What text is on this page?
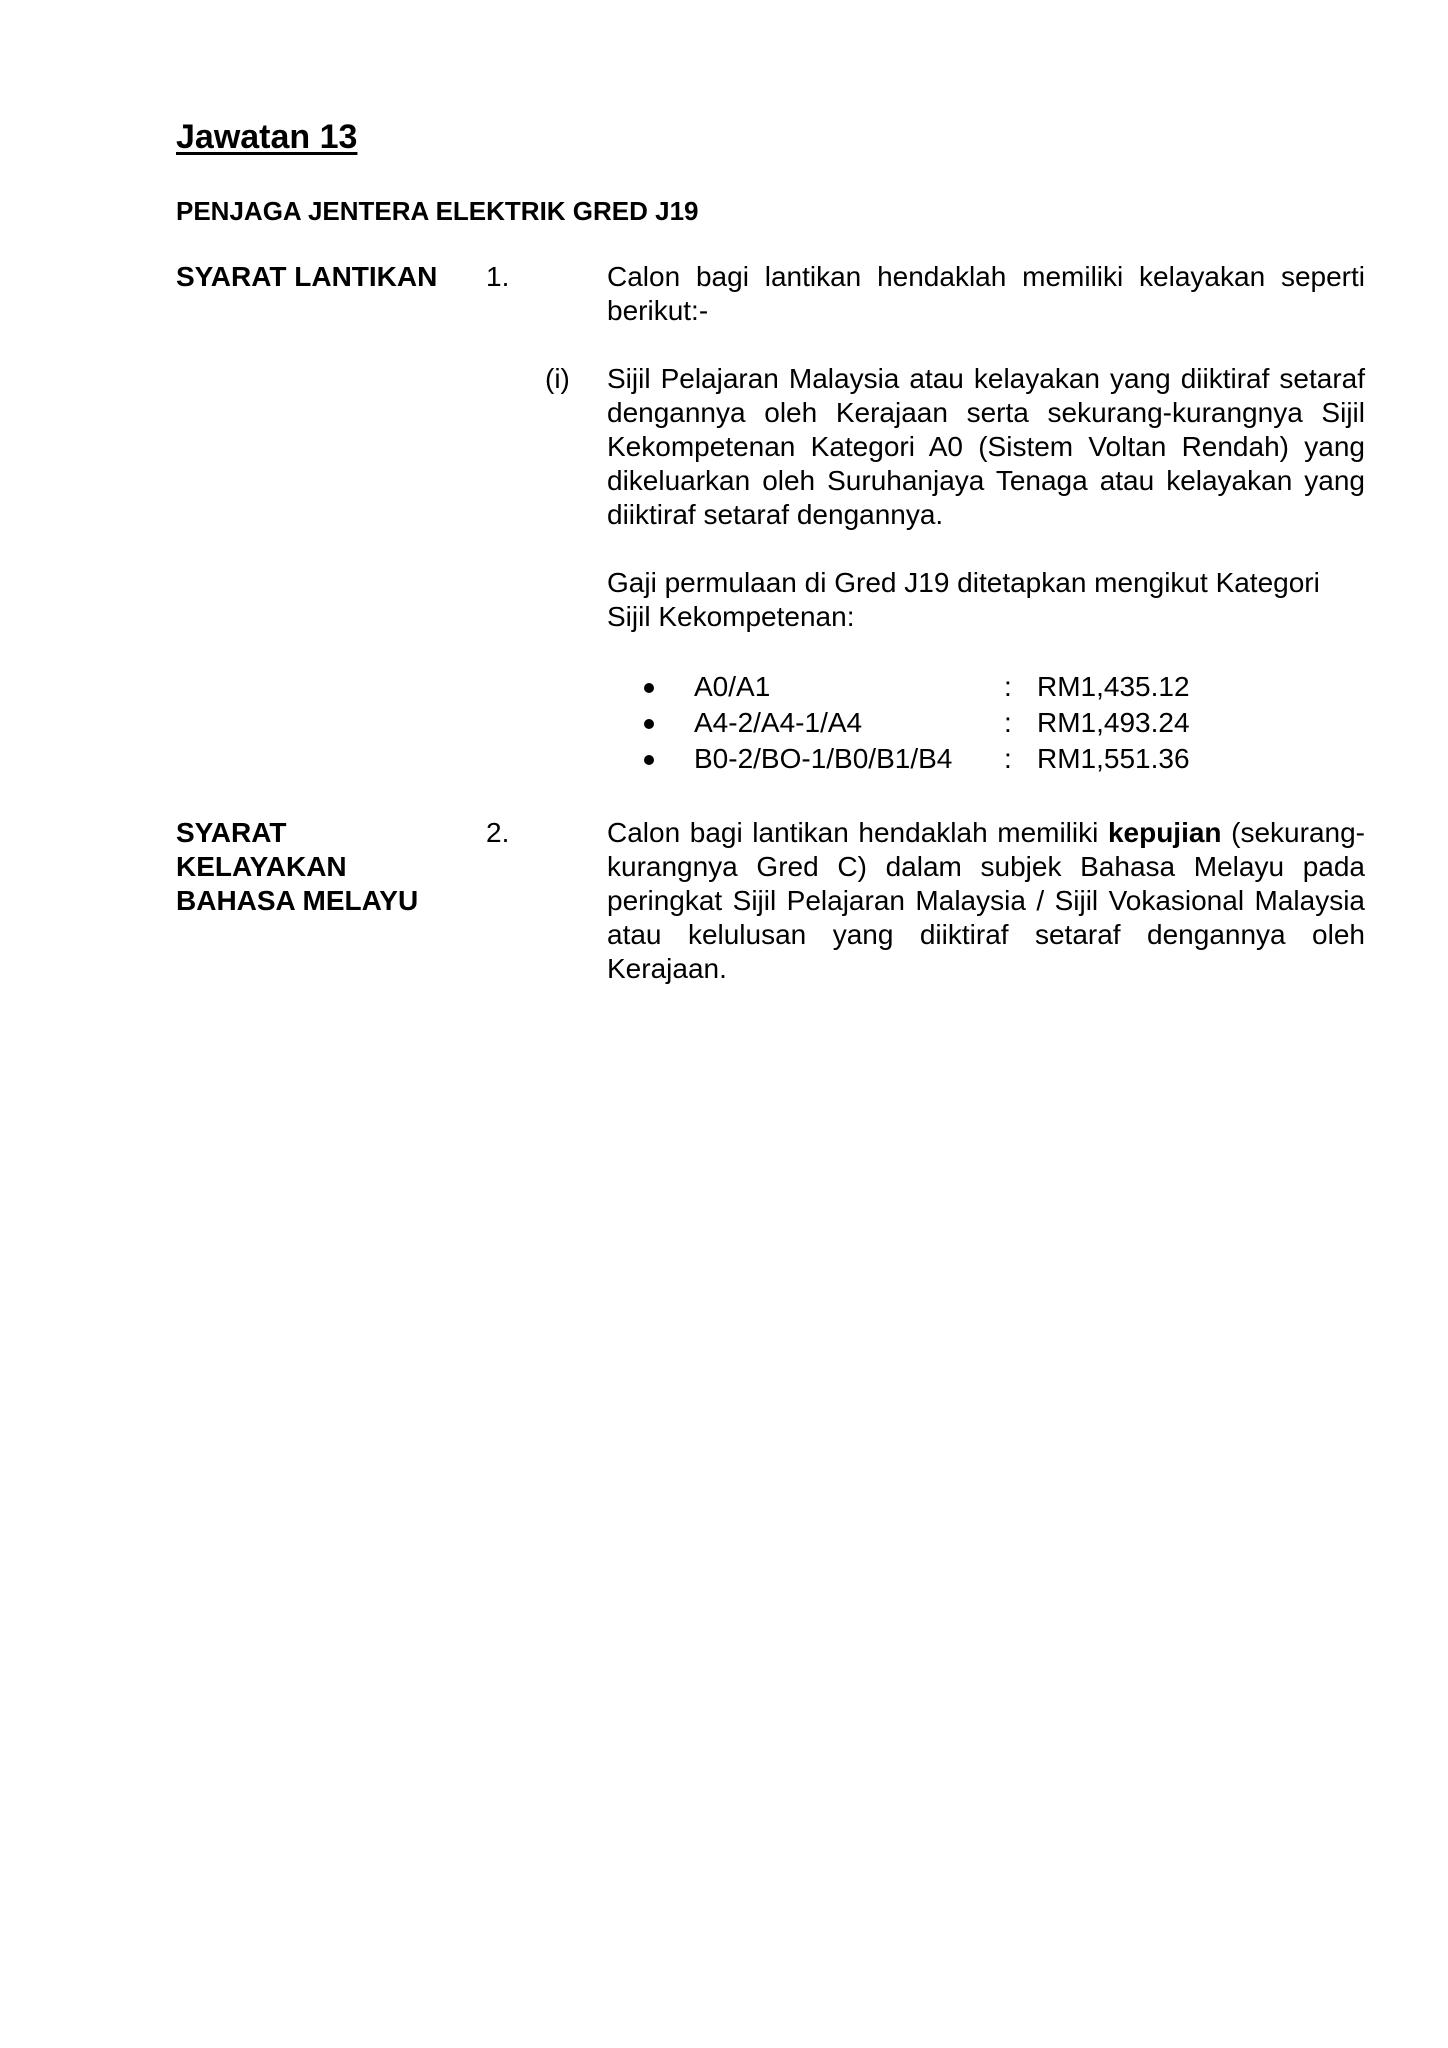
Jawatan 13
PENJAGA JENTERA ELEKTRIK GRED J19
SYARAT LANTIKAN 1.	Calon bagi lantikan hendaklah memiliki kelayakan seperti berikut:-

(i) Sijil Pelajaran Malaysia atau kelayakan yang diiktiraf setaraf dengannya oleh Kerajaan serta sekurang-kurangnya Sijil Kekompetenan Kategori A0 (Sistem Voltan Rendah) yang dikeluarkan oleh Suruhanjaya Tenaga atau kelayakan yang diiktiraf setaraf dengannya.

Gaji permulaan di Gred J19 ditetapkan mengikut Kategori Sijil Kekompetenan:

A0/A1	: RM1,435.12
A4-2/A4-1/A4	: RM1,493.24
B0-2/BO-1/B0/B1/B4 : RM1,551.36
SYARAT
KELAYAKAN
BAHASA MELAYU
2.	Calon bagi lantikan hendaklah memiliki kepujian (sekurang-kurangnya Gred C) dalam subjek Bahasa Melayu pada peringkat Sijil Pelajaran Malaysia / Sijil Vokasional Malaysia atau kelulusan yang diiktiraf setaraf dengannya oleh Kerajaan.
